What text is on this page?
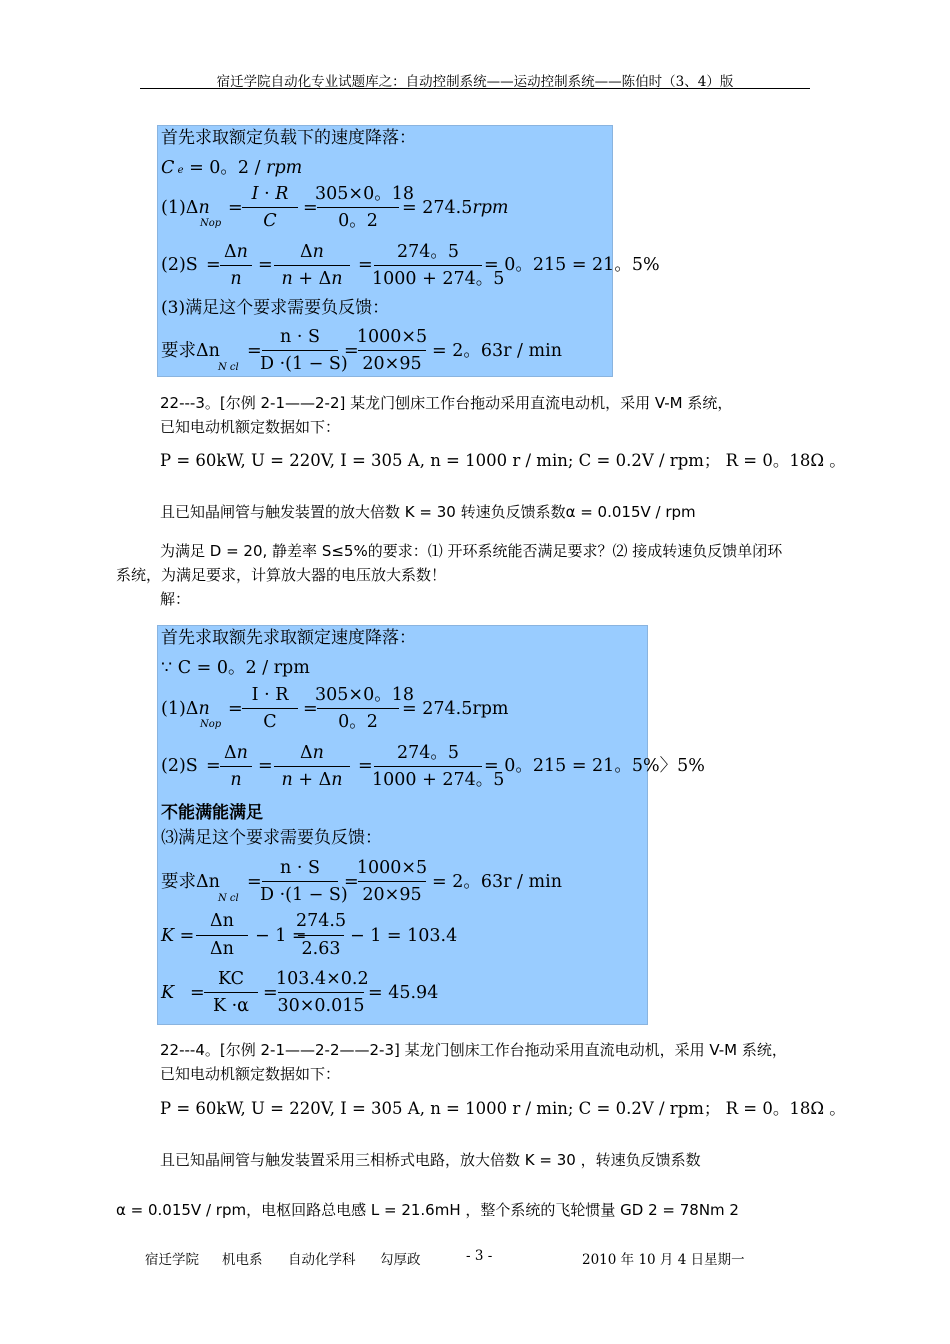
宿迁学院自动化专业试题库之：自动控制系统——运动控制系统——陈伯时（3、4）版
首先求取额定负载下的速度降落：
C e = 0。2 / rpm
(1)Δn
Nop
=
I · R
C
=
305×0。18
0。2
= 274.5rpm
(2)S =
Δn
n
=
Δn
n + Δn
=
274。5
1000 + 274。5
= 0。215 = 21。5%
(3)满足这个要求需要负反馈：
要求Δn
N cl
=
n · S
D ·(1 − S)
=
1000×5
20×95
= 2。63r / min
22---3。[尔例 2-1——2-2] 某龙门刨床工作台拖动采用直流电动机，采用 V-M 系统，
已知电动机额定数据如下：
P = 60kW, U = 220V, I = 305 A, n = 1000 r / min; C = 0.2V / rpm； R = 0。18Ω 。
且已知晶闸管与触发装置的放大倍数 K = 30 转速负反馈系数α = 0.015V / rpm
为满足 D = 20, 静差率 S≤5%的要求：⑴ 开环系统能否满足要求？⑵ 接成转速负反馈单闭环
系统，为满足要求，计算放大器的电压放大系数！
解：
首先求取额先求取额定速度降落：
∵ C = 0。2 / rpm
(1)Δn
Nop
=
I · R
C
=
305×0。18
0。2
= 274.5rpm
(2)S =
Δn
n
=
Δn
n + Δn
=
274。5
1000 + 274。5
= 0。215 = 21。5%〉5%
不能满能满足
⑶满足这个要求需要负反馈：
要求Δn
N cl
=
n · S
D ·(1 − S)
=
1000×5
20×95
= 2。63r / min
K =
Δn
Δn
− 1 =
274.5
2.63
− 1 = 103.4
K =
KC
K ·α
=
103.4×0.2
30×0.015
= 45.94
22---4。[尔例 2-1——2-2——2-3] 某龙门刨床工作台拖动采用直流电动机，采用 V-M 系统，
已知电动机额定数据如下：
P = 60kW, U = 220V, I = 305 A, n = 1000 r / min; C = 0.2V / rpm； R = 0。18Ω 。
且已知晶闸管与触发装置采用三相桥式电路，放大倍数 K = 30 ，转速负反馈系数
α = 0.015V / rpm，电枢回路总电感 L = 21.6mH ，整个系统的飞轮惯量 GD 2 = 78Nm 2
宿迁学院 机电系 自动化学科 勾厚政	- 3 -	2010 年 10 月 4 日星期一
